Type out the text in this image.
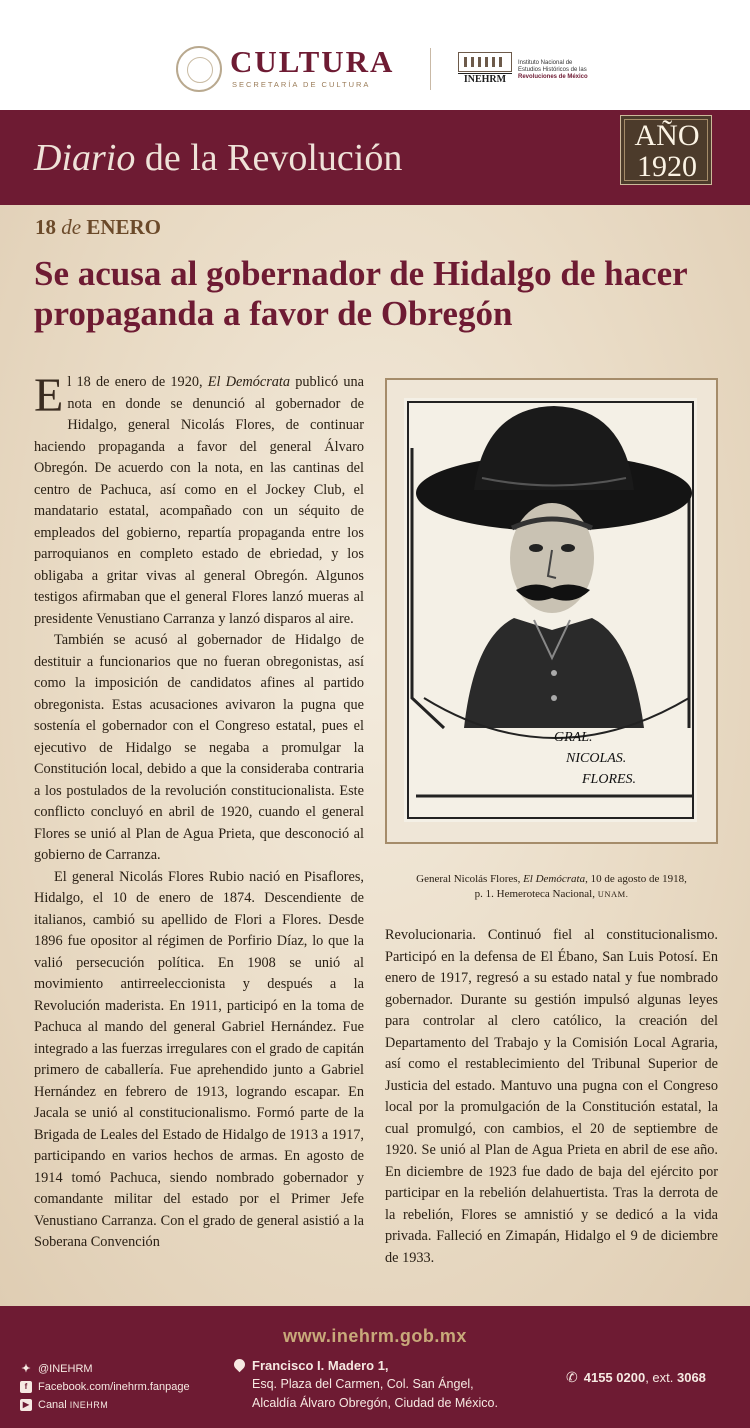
CULTURA
SECRETARÍA DE CULTURA	INEHRM
Instituto Nacional de
Estudios Históricos de las
Revoluciones de México
Diario de la Revolución
AÑO
1920
18 de ENERO
Se acusa al gobernador de Hidalgo de hacer propaganda a favor de Obregón

El 18 de enero de 1920, El Demócrata publicó una nota en donde se denunció al gobernador de Hidalgo, general Nicolás Flores, de continuar haciendo propaganda a favor del general Álvaro Obregón. De acuerdo con la nota, en las cantinas del centro de Pachuca, así como en el Jockey Club, el mandatario estatal, acompañado con un séquito de empleados del gobierno, repartía propaganda entre los parroquianos en completo estado de ebriedad, y los obligaba a gritar vivas al general Obregón. Algunos testigos afirmaban que el general Flores lanzó mueras al presidente Venustiano Carranza y lanzó disparos al aire.

También se acusó al gobernador de Hidalgo de destituir a funcionarios que no fueran obregonistas, así como la imposición de candidatos afines al partido obregonista. Estas acusaciones avivaron la pugna que sostenía el gobernador con el Congreso estatal, pues el ejecutivo de Hidalgo se negaba a promulgar la Constitución local, debido a que la consideraba contraria a los postulados de la revolución constitucionalista. Este conflicto concluyó en abril de 1920, cuando el general Flores se unió al Plan de Agua Prieta, que desconoció al gobierno de Carranza.

El general Nicolás Flores Rubio nació en Pisaflores, Hidalgo, el 10 de enero de 1874. Descendiente de italianos, cambió su apellido de Flori a Flores. Desde 1896 fue opositor al régimen de Porfirio Díaz, lo que la valió persecución política. En 1908 se unió al movimiento antirreeleccionista y después a la Revolución maderista. En 1911, participó en la toma de Pachuca al mando del general Gabriel Hernández. Fue integrado a las fuerzas irregulares con el grado de capitán primero de caballería. Fue aprehendido junto a Gabriel Hernández en febrero de 1913, logrando escapar. En Jacala se unió al constitucionalismo. Formó parte de la Brigada de Leales del Estado de Hidalgo de 1913 a 1917, participando en varios hechos de armas. En agosto de 1914 tomó Pachuca, siendo nombrado gobernador y comandante militar del estado por el Primer Jefe Venustiano Carranza. Con el grado de general asistió a la Soberana Convención

GRAL.
NICOLAS.
FLORES.
General Nicolás Flores, El Demócrata, 10 de agosto de 1918,
p. 1. Hemeroteca Nacional, UNAM.

Revolucionaria. Continuó fiel al constitucionalismo. Participó en la defensa de El Ébano, San Luis Potosí. En enero de 1917, regresó a su estado natal y fue nombrado gobernador. Durante su gestión impulsó algunas leyes para controlar al clero católico, la creación del Departamento del Trabajo y la Comisión Local Agraria, así como el restablecimiento del Tribunal Superior de Justicia del estado. Mantuvo una pugna con el Congreso local por la promulgación de la Constitución estatal, la cual promulgó, con cambios, el 20 de septiembre de 1920. Se unió al Plan de Agua Prieta en abril de ese año. En diciembre de 1923 fue dado de baja del ejército por participar en la rebelión delahuertista. Tras la derrota de la rebelión, Flores se amnistió y se dedicó a la vida privada. Falleció en Zimapán, Hidalgo el 9 de diciembre de 1933.

www.inehrm.gob.mx
✦ @INEHRM
f Facebook.com/inehrm.fanpage
▶ Canal INEHRM
Francisco I. Madero 1,
Esq. Plaza del Carmen, Col. San Ángel,
Alcaldía Álvaro Obregón, Ciudad de México.
✆ 4155 0200, ext. 3068
